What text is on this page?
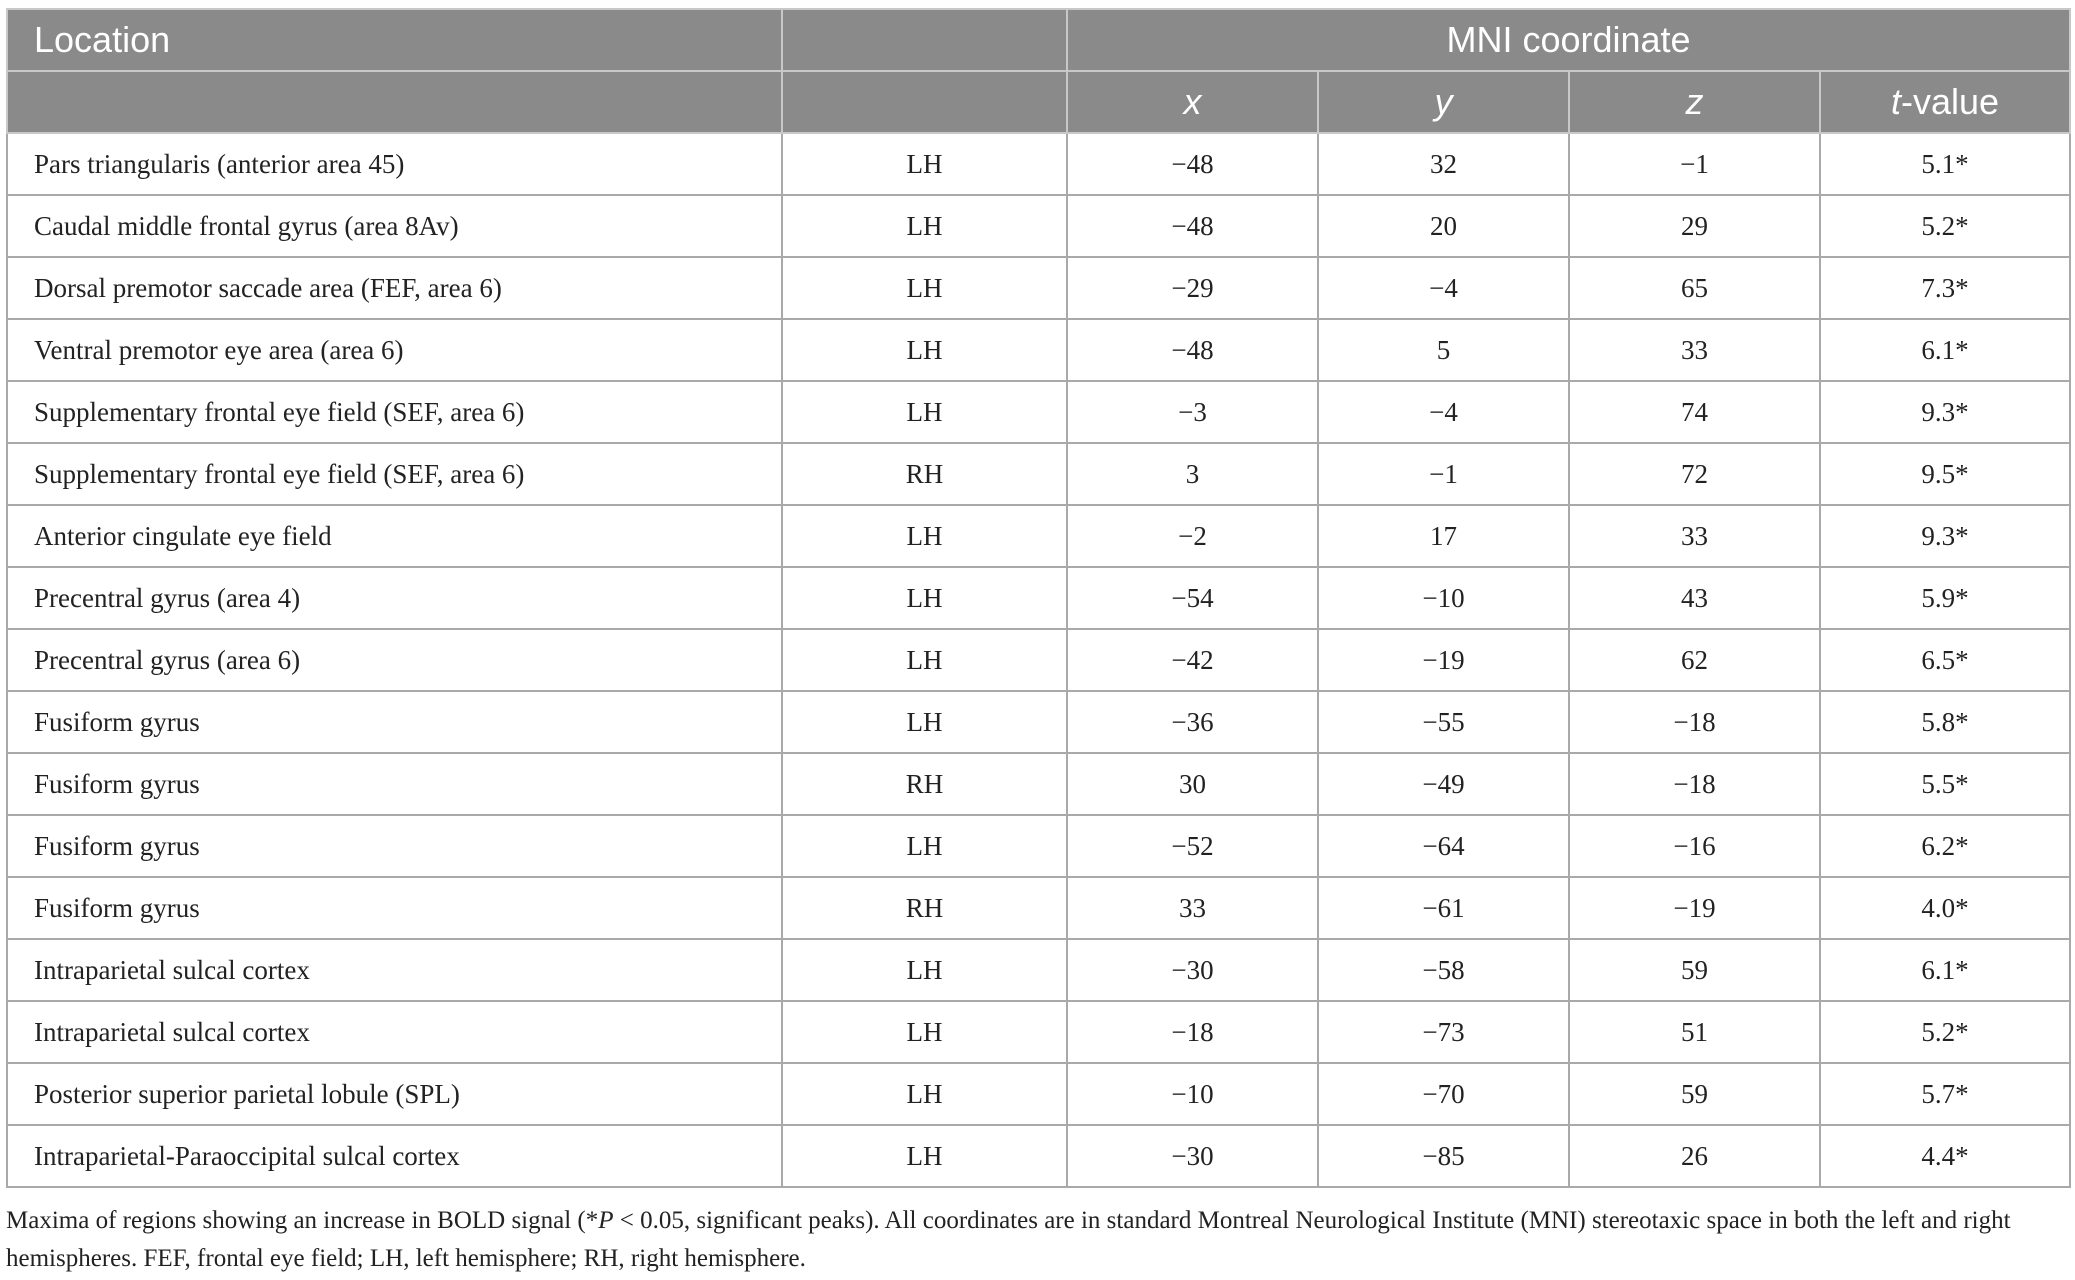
Location		MNI coordinate			
		x	y	z	t-value
Pars triangularis (anterior area 45)	LH	−48	32	−1	5.1*
Caudal middle frontal gyrus (area 8Av)	LH	−48	20	29	5.2*
Dorsal premotor saccade area (FEF, area 6)	LH	−29	−4	65	7.3*
Ventral premotor eye area (area 6)	LH	−48	5	33	6.1*
Supplementary frontal eye field (SEF, area 6)	LH	−3	−4	74	9.3*
Supplementary frontal eye field (SEF, area 6)	RH	3	−1	72	9.5*
Anterior cingulate eye field	LH	−2	17	33	9.3*
Precentral gyrus (area 4)	LH	−54	−10	43	5.9*
Precentral gyrus (area 6)	LH	−42	−19	62	6.5*
Fusiform gyrus	LH	−36	−55	−18	5.8*
Fusiform gyrus	RH	30	−49	−18	5.5*
Fusiform gyrus	LH	−52	−64	−16	6.2*
Fusiform gyrus	RH	33	−61	−19	4.0*
Intraparietal sulcal cortex	LH	−30	−58	59	6.1*
Intraparietal sulcal cortex	LH	−18	−73	51	5.2*
Posterior superior parietal lobule (SPL)	LH	−10	−70	59	5.7*
Intraparietal-Paraoccipital sulcal cortex	LH	−30	−85	26	4.4*
Maxima of regions showing an increase in BOLD signal (*P < 0.05, significant peaks). All coordinates are in standard Montreal Neurological Institute (MNI) stereotaxic space in both the left and right hemispheres. FEF, frontal eye field; LH, left hemisphere; RH, right hemisphere.
